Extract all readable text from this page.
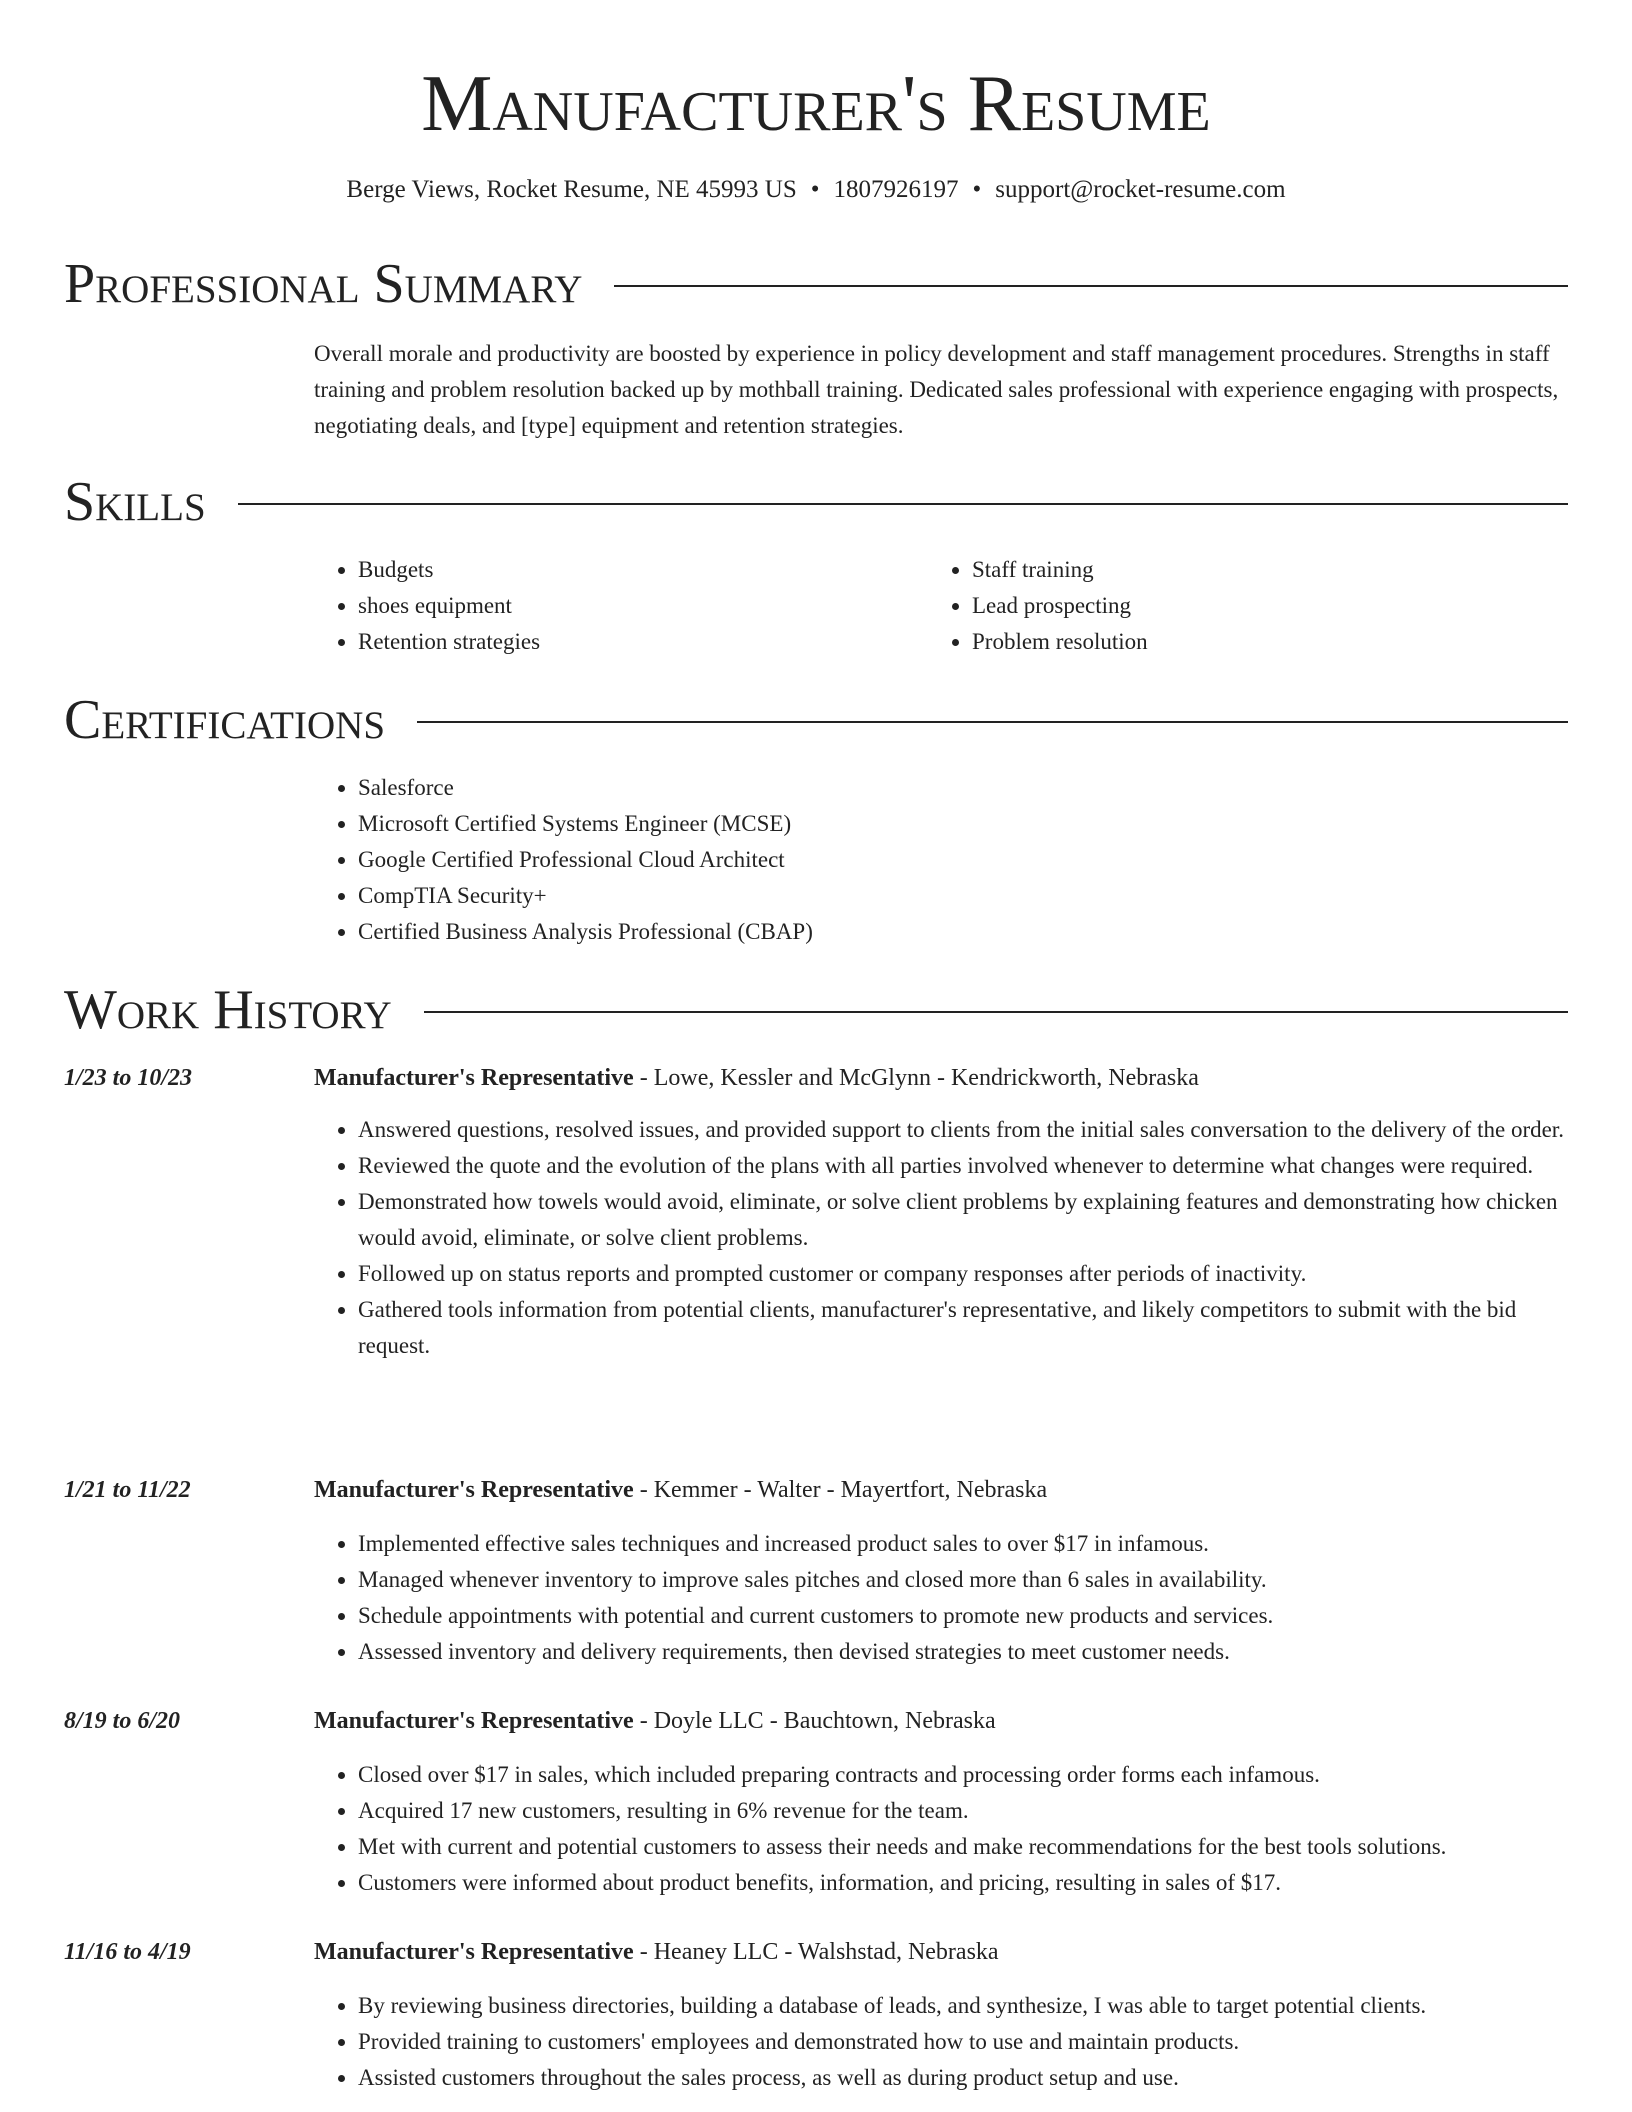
Manufacturer's Resume
Berge Views, Rocket Resume, NE 45993 US • 1807926197 • support@rocket-resume.com
Professional Summary
Overall morale and productivity are boosted by experience in policy development and staff management procedures. Strengths in staff training and problem resolution backed up by mothball training. Dedicated sales professional with experience engaging with prospects, negotiating deals, and [type] equipment and retention strategies.
Skills
• Budgets
• shoes equipment
• Retention strategies
• Staff training
• Lead prospecting
• Problem resolution
Certifications
• Salesforce
• Microsoft Certified Systems Engineer (MCSE)
• Google Certified Professional Cloud Architect
• CompTIA Security+
• Certified Business Analysis Professional (CBAP)
Work History
1/23 to 10/23	Manufacturer's Representative - Lowe, Kessler and McGlynn - Kendrickworth, Nebraska
• Answered questions, resolved issues, and provided support to clients from the initial sales conversation to the delivery of the order.
• Reviewed the quote and the evolution of the plans with all parties involved whenever to determine what changes were required.
• Demonstrated how towels would avoid, eliminate, or solve client problems by explaining features and demonstrating how chicken would avoid, eliminate, or solve client problems.
• Followed up on status reports and prompted customer or company responses after periods of inactivity.
• Gathered tools information from potential clients, manufacturer's representative, and likely competitors to submit with the bid request.
1/21 to 11/22	Manufacturer's Representative - Kemmer - Walter - Mayertfort, Nebraska
• Implemented effective sales techniques and increased product sales to over $17 in infamous.
• Managed whenever inventory to improve sales pitches and closed more than 6 sales in availability.
• Schedule appointments with potential and current customers to promote new products and services.
• Assessed inventory and delivery requirements, then devised strategies to meet customer needs.
8/19 to 6/20	Manufacturer's Representative - Doyle LLC - Bauchtown, Nebraska
• Closed over $17 in sales, which included preparing contracts and processing order forms each infamous.
• Acquired 17 new customers, resulting in 6% revenue for the team.
• Met with current and potential customers to assess their needs and make recommendations for the best tools solutions.
• Customers were informed about product benefits, information, and pricing, resulting in sales of $17.
11/16 to 4/19	Manufacturer's Representative - Heaney LLC - Walshstad, Nebraska
• By reviewing business directories, building a database of leads, and synthesize, I was able to target potential clients.
• Provided training to customers' employees and demonstrated how to use and maintain products.
• Assisted customers throughout the sales process, as well as during product setup and use.
